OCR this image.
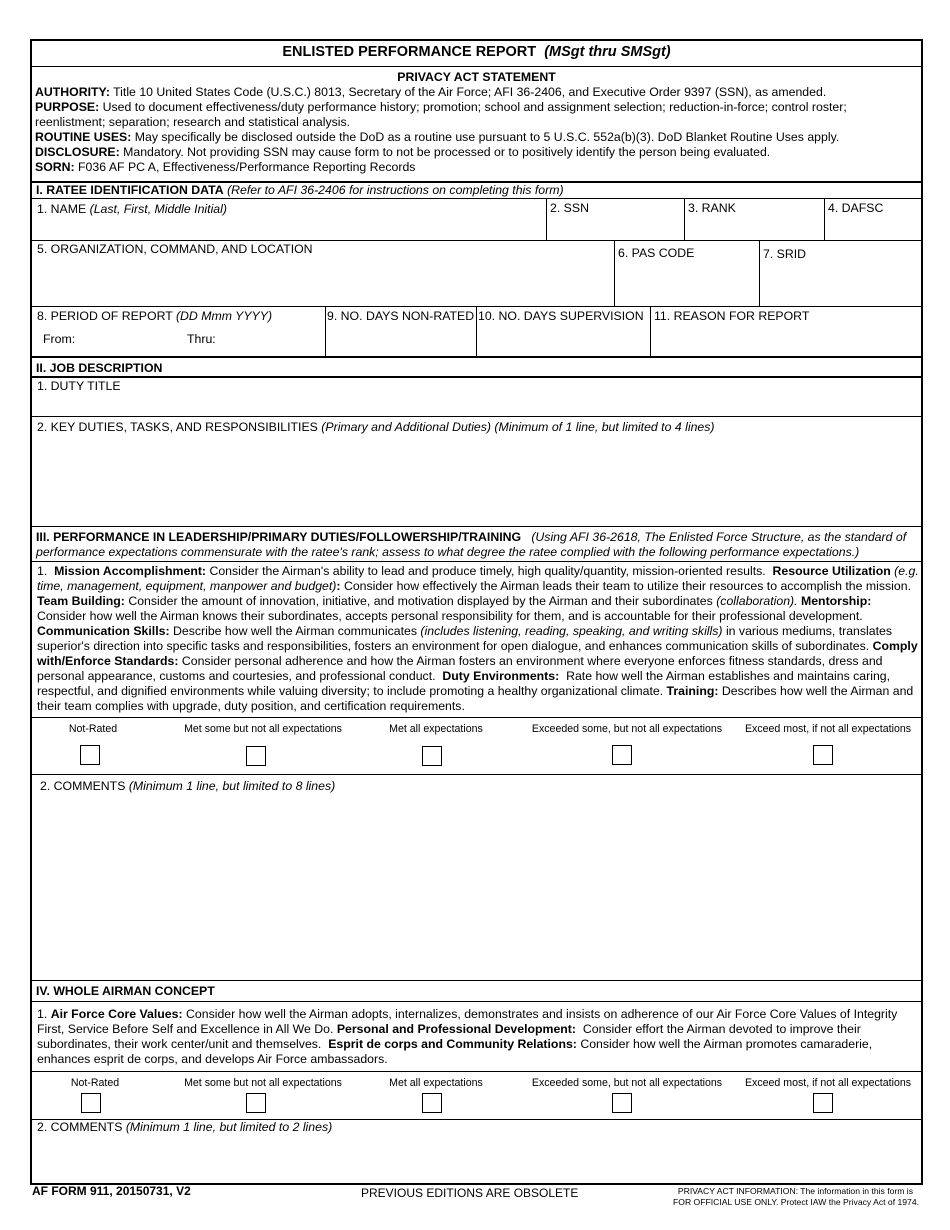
ENLISTED PERFORMANCE REPORT (MSgt thru SMSgt)
PRIVACY ACT STATEMENT
AUTHORITY: Title 10 United States Code (U.S.C.) 8013, Secretary of the Air Force; AFI 36-2406, and Executive Order 9397 (SSN), as amended.
PURPOSE: Used to document effectiveness/duty performance history; promotion; school and assignment selection; reduction-in-force; control roster; reenlistment; separation; research and statistical analysis.
ROUTINE USES: May specifically be disclosed outside the DoD as a routine use pursuant to 5 U.S.C. 552a(b)(3). DoD Blanket Routine Uses apply.
DISCLOSURE: Mandatory. Not providing SSN may cause form to not be processed or to positively identify the person being evaluated.
SORN: F036 AF PC A, Effectiveness/Performance Reporting Records
I. RATEE IDENTIFICATION DATA (Refer to AFI 36-2406 for instructions on completing this form)
1. NAME (Last, First, Middle Initial)	2. SSN	3. RANK	4. DAFSC
5. ORGANIZATION, COMMAND, AND LOCATION	6. PAS CODE	7. SRID
8. PERIOD OF REPORT (DD Mmm YYYY)
From:	Thru:
9. NO. DAYS NON-RATED 10. NO. DAYS SUPERVISION 11. REASON FOR REPORT
II. JOB DESCRIPTION
1. DUTY TITLE
2. KEY DUTIES, TASKS, AND RESPONSIBILITIES (Primary and Additional Duties) (Minimum of 1 line, but limited to 4 lines)
III. PERFORMANCE IN LEADERSHIP/PRIMARY DUTIES/FOLLOWERSHIP/TRAINING (Using AFI 36-2618, The Enlisted Force Structure, as the standard of performance expectations commensurate with the ratee's rank; assess to what degree the ratee complied with the following performance expectations.)
1. Mission Accomplishment: Consider the Airman's ability to lead and produce timely, high quality/quantity, mission-oriented results. Resource Utilization (e.g. time, management, equipment, manpower and budget): Consider how effectively the Airman leads their team to utilize their resources to accomplish the mission.  Team Building: Consider the amount of innovation, initiative, and motivation displayed by the Airman and their subordinates (collaboration). Mentorship: Consider how well the Airman knows their subordinates, accepts personal responsibility for them, and is accountable for their professional development.  Communication Skills: Describe how well the Airman communicates (includes listening, reading, speaking, and writing skills) in various mediums, translates superior's direction into specific tasks and responsibilities, fosters an environment for open dialogue, and enhances communication skills of subordinates. Comply with/Enforce Standards: Consider personal adherence and how the Airman fosters an environment where everyone enforces fitness standards, dress and personal appearance, customs and courtesies, and professional conduct. Duty Environments: Rate how well the Airman establishes and maintains caring, respectful, and dignified environments while valuing diversity; to include promoting a healthy organizational climate. Training: Describes how well the Airman and their team complies with upgrade, duty position, and certification requirements.
Not-Rated	Met some but not all expectations	Met all expectations	Exceeded some, but not all expectations Exceed most, if not all expectations
2. COMMENTS (Minimum 1 line, but limited to 8 lines)
IV. WHOLE AIRMAN CONCEPT
1. Air Force Core Values: Consider how well the Airman adopts, internalizes, demonstrates and insists on adherence of our Air Force Core Values of Integrity First, Service Before Self and Excellence in All We Do. Personal and Professional Development: Consider effort the Airman devoted to improve their subordinates, their work center/unit and themselves. Esprit de corps and Community Relations: Consider how well the Airman promotes camaraderie, enhances esprit de corps, and develops Air Force ambassadors.
Not-Rated	Met some but not all expectations	Met all expectations	Exceeded some, but not all expectations Exceed most, if not all expectations
2. COMMENTS (Minimum 1 line, but limited to 2 lines)
AF FORM 911, 20150731, V2	PREVIOUS EDITIONS ARE OBSOLETE	PRIVACY ACT INFORMATION: The information in this form is
FOR OFFICIAL USE ONLY. Protect IAW the Privacy Act of 1974.
